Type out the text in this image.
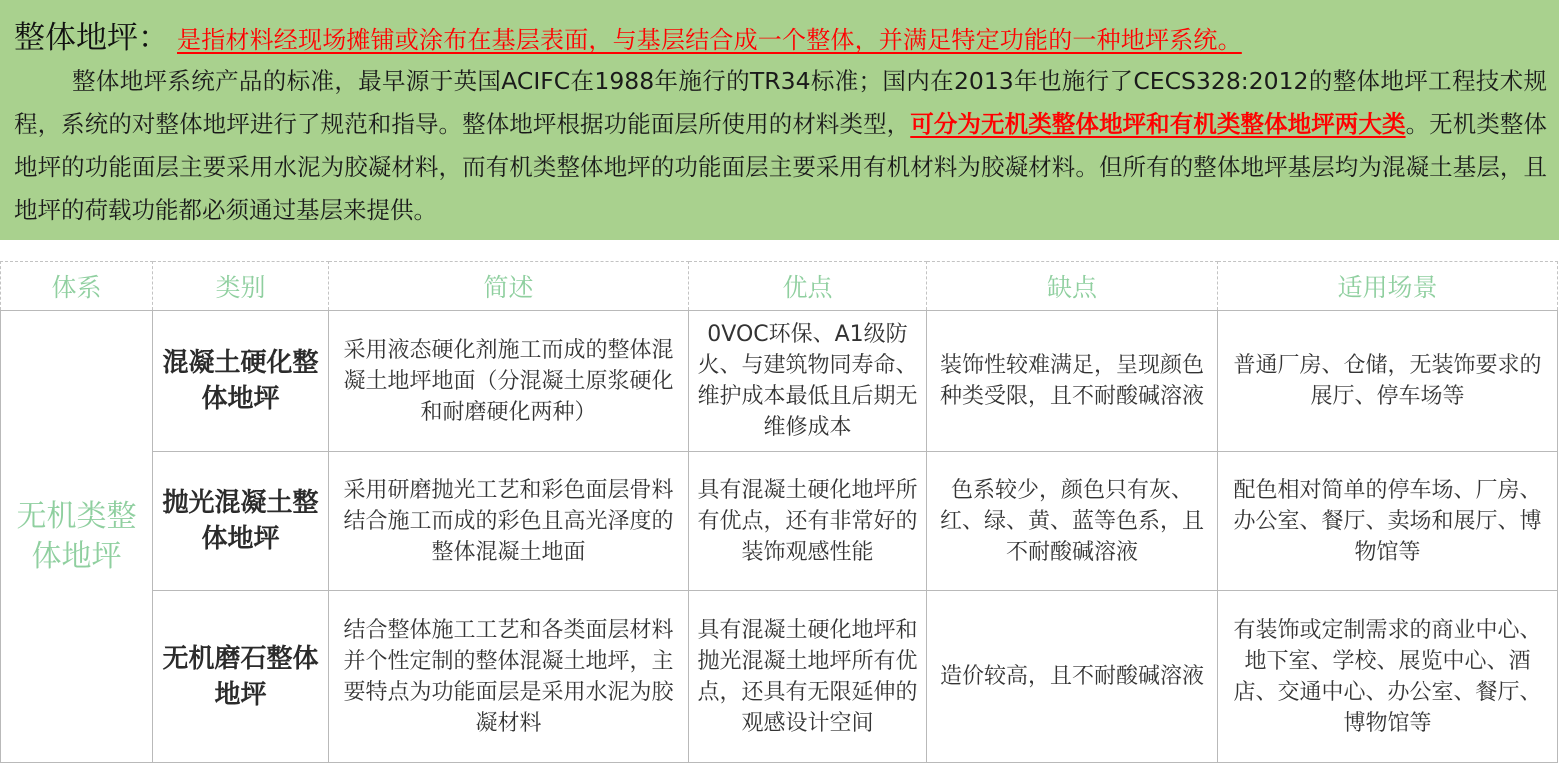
整体地坪 ： 是指材料经现场摊铺或涂布在基层表面，与基层结合成一个整体，并满足特定功能的一种地坪系统。
整体地坪系统产品的标准，最早源于英国ACIFC在1988年施行的TR34标准；国内在2013年也施行了CECS328:2012的整体地坪工程技术规程，系统的对整体地坪进行了规范和指导。整体地坪根据功能面层所使用的材料类型，可分为无机类整体地坪和有机类整体地坪两大类。无机类整体地坪的功能面层主要采用水泥为胶凝材料，而有机类整体地坪的功能面层主要采用有机材料为胶凝材料。但所有的整体地坪基层均为混凝土基层，且地坪的荷载功能都必须通过基层来提供。
体系	类别	简述	优点	缺点	适用场景
无机类整体地坪	混凝土硬化整体地坪	采用液态硬化剂施工而成的整体混凝土地坪地面（分混凝土原浆硬化和耐磨硬化两种）	0VOC环保、A1级防火、与建筑物同寿命、维护成本最低且后期无维修成本	装饰性较难满足，呈现颜色种类受限，且不耐酸碱溶液	普通厂房、仓储，无装饰要求的展厅、停车场等
	抛光混凝土整体地坪	采用研磨抛光工艺和彩色面层骨料结合施工而成的彩色且高光泽度的整体混凝土地面	具有混凝土硬化地坪所有优点，还有非常好的装饰观感性能	色系较少，颜色只有灰、红、绿、黄、蓝等色系，且不耐酸碱溶液	配色相对简单的停车场、厂房、办公室、餐厅、卖场和展厅、博物馆等
	无机磨石整体地坪	结合整体施工工艺和各类面层材料并个性定制的整体混凝土地坪，主要特点为功能面层是采用水泥为胶凝材料	具有混凝土硬化地坪和抛光混凝土地坪所有优点，还具有无限延伸的观感设计空间	造价较高，且不耐酸碱溶液	有装饰或定制需求的商业中心、地下室、学校、展览中心、酒店、交通中心、办公室、餐厅、博物馆等
